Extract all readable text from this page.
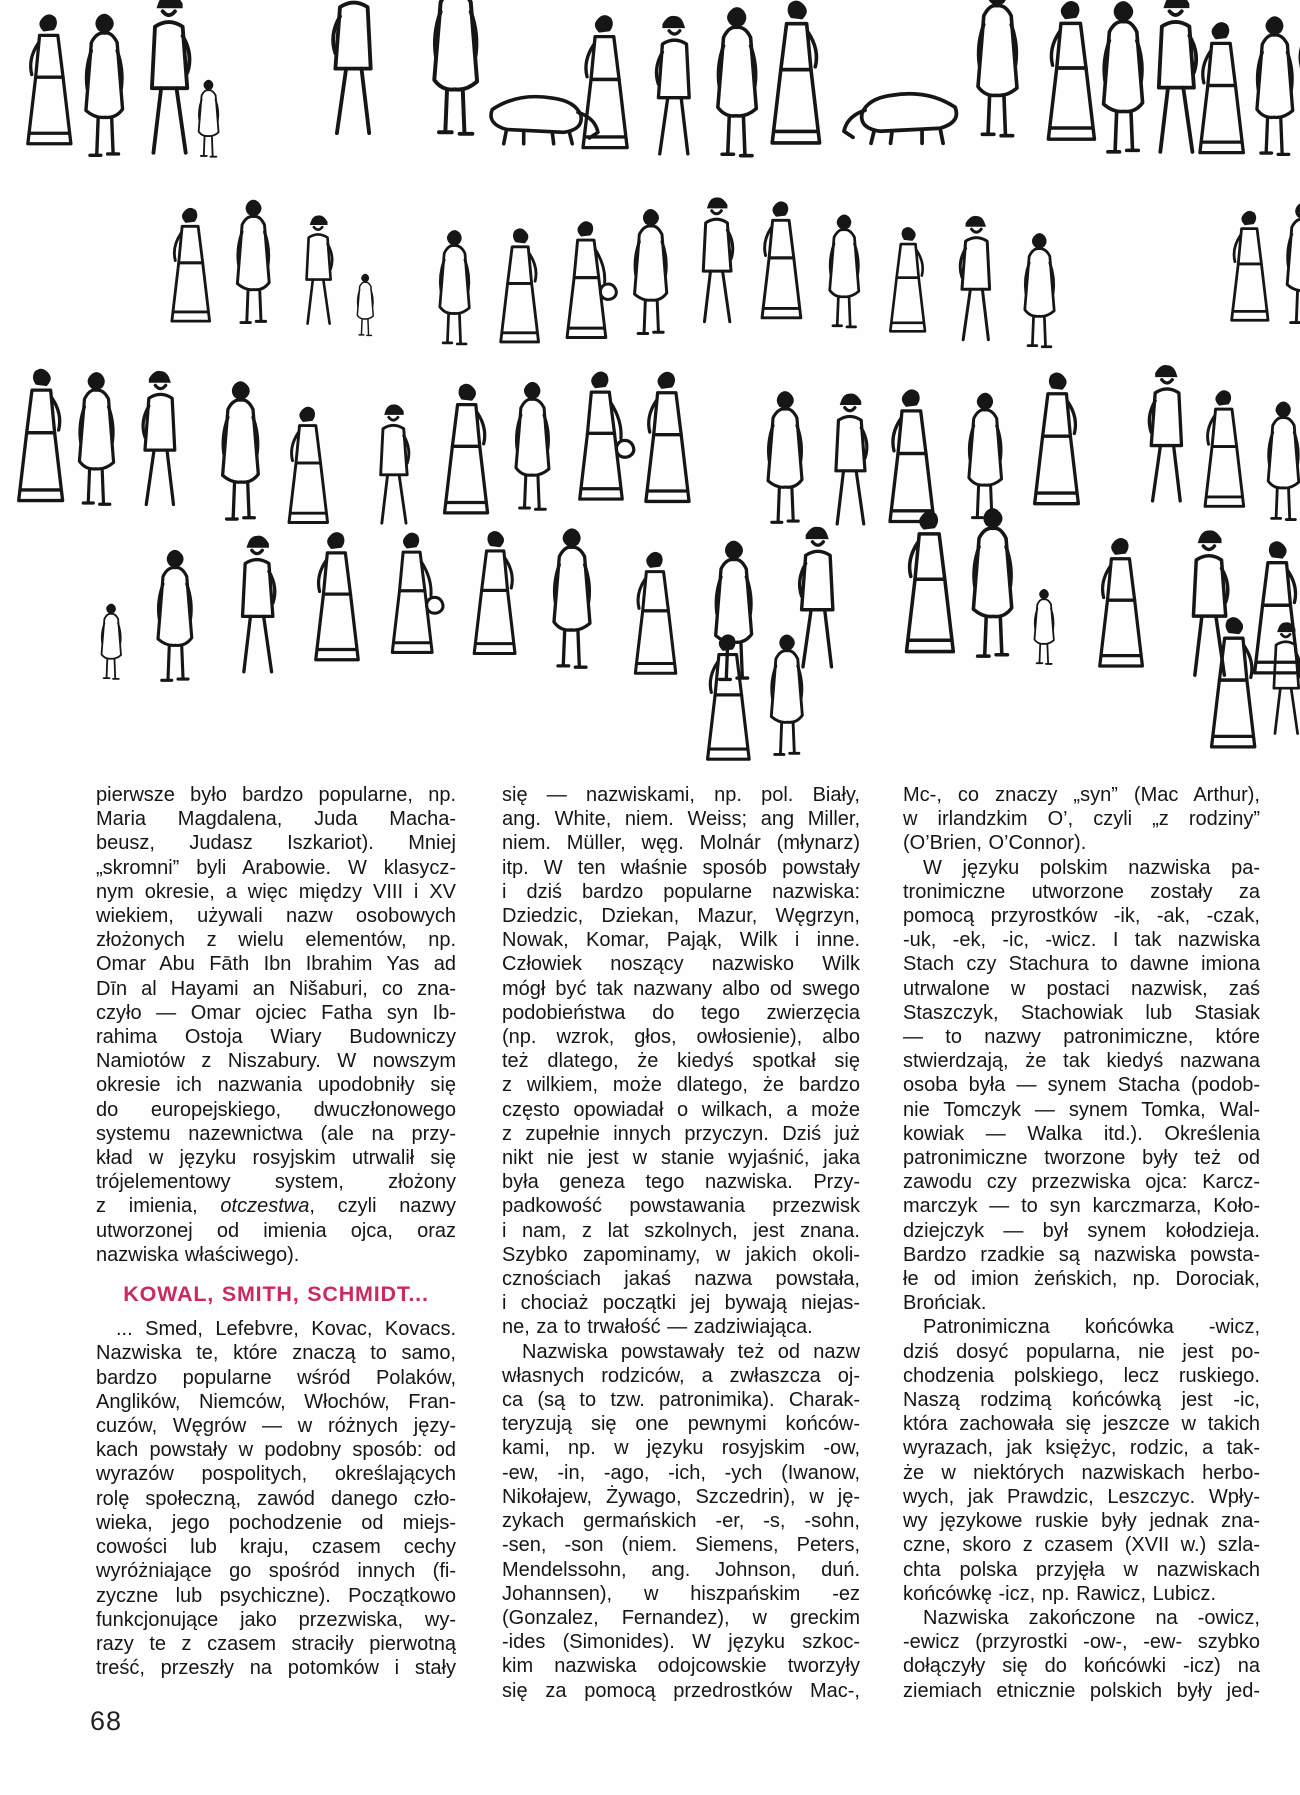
pierwsze było bardzo popularne, np.
Maria Magdalena, Juda Macha-
beusz, Judasz Iszkariot). Mniej
„skromni” byli Arabowie. W klasycz-
nym okresie, a więc między VIII i XV
wiekiem, używali nazw osobowych
złożonych z wielu elementów, np.
Omar Abu Fāth Ibn Ibrahim Yas ad
Dīn al Hayami an Nišaburi, co zna-
czyło — Omar ojciec Fatha syn Ib-
rahima Ostoja Wiary Budowniczy
Namiotów z Niszabury. W nowszym
okresie ich nazwania upodobniły się
do europejskiego, dwuczłonowego
systemu nazewnictwa (ale na przy-
kład w języku rosyjskim utrwalił się
trójelementowy system, złożony
z imienia, otczestwa, czyli nazwy
utworzonej od imienia ojca, oraz
nazwiska właściwego).
KOWAL, SMITH, SCHMIDT...
... Smed, Lefebvre, Kovac, Kovacs.
Nazwiska te, które znaczą to samo,
bardzo popularne wśród Polaków,
Anglików, Niemców, Włochów, Fran-
cuzów, Węgrów — w różnych języ-
kach powstały w podobny sposób: od
wyrazów pospolitych, określających
rolę społeczną, zawód danego czło-
wieka, jego pochodzenie od miejs-
cowości lub kraju, czasem cechy
wyróżniające go spośród innych (fi-
zyczne lub psychiczne). Początkowo
funkcjonujące jako przezwiska, wy-
razy te z czasem straciły pierwotną
treść, przeszły na potomków i stały
się — nazwiskami, np. pol. Biały,
ang. White, niem. Weiss; ang Miller,
niem. Müller, węg. Molnár (młynarz)
itp. W ten właśnie sposób powstały
i dziś bardzo popularne nazwiska:
Dziedzic, Dziekan, Mazur, Węgrzyn,
Nowak, Komar, Pająk, Wilk i inne.
Człowiek noszący nazwisko Wilk
mógł być tak nazwany albo od swego
podobieństwa do tego zwierzęcia
(np. wzrok, głos, owłosienie), albo
też dlatego, że kiedyś spotkał się
z wilkiem, może dlatego, że bardzo
często opowiadał o wilkach, a może
z zupełnie innych przyczyn. Dziś już
nikt nie jest w stanie wyjaśnić, jaka
była geneza tego nazwiska. Przy-
padkowość powstawania przezwisk
i nam, z lat szkolnych, jest znana.
Szybko zapominamy, w jakich okoli-
cznościach jakaś nazwa powstała,
i chociaż początki jej bywają niejas-
ne, za to trwałość — zadziwiająca.
Nazwiska powstawały też od nazw
własnych rodziców, a zwłaszcza oj-
ca (są to tzw. patronimika). Charak-
teryzują się one pewnymi końców-
kami, np. w języku rosyjskim -ow,
-ew, -in, -ago, -ich, -ych (Iwanow,
Nikołajew, Żywago, Szczedrin), w ję-
zykach germańskich -er, -s, -sohn,
-sen, -son (niem. Siemens, Peters,
Mendelssohn, ang. Johnson, duń.
Johannsen), w hiszpańskim -ez
(Gonzalez, Fernandez), w greckim
-ides (Simonides). W języku szkoc-
kim nazwiska odojcowskie tworzyły
się za pomocą przedrostków Mac-,
Mc-, co znaczy „syn” (Mac Arthur),
w irlandzkim O’, czyli „z rodziny”
(O’Brien, O’Connor).
W języku polskim nazwiska pa-
tronimiczne utworzone zostały za
pomocą przyrostków -ik, -ak, -czak,
-uk, -ek, -ic, -wicz. I tak nazwiska
Stach czy Stachura to dawne imiona
utrwalone w postaci nazwisk, zaś
Staszczyk, Stachowiak lub Stasiak
— to nazwy patronimiczne, które
stwierdzają, że tak kiedyś nazwana
osoba była — synem Stacha (podob-
nie Tomczyk — synem Tomka, Wal-
kowiak — Walka itd.). Określenia
patronimiczne tworzone były też od
zawodu czy przezwiska ojca: Karcz-
marczyk — to syn karczmarza, Koło-
dziejczyk — był synem kołodzieja.
Bardzo rzadkie są nazwiska powsta-
łe od imion żeńskich, np. Dorociak,
Brońciak.
Patronimiczna końcówka -wicz,
dziś dosyć popularna, nie jest po-
chodzenia polskiego, lecz ruskiego.
Naszą rodzimą końcówką jest -ic,
która zachowała się jeszcze w takich
wyrazach, jak księżyc, rodzic, a tak-
że w niektórych nazwiskach herbo-
wych, jak Prawdzic, Leszczyc. Wpły-
wy językowe ruskie były jednak zna-
czne, skoro z czasem (XVII w.) szla-
chta polska przyjęła w nazwiskach
końcówkę -icz, np. Rawicz, Lubicz.
Nazwiska zakończone na -owicz,
-ewicz (przyrostki -ow-, -ew- szybko
dołączyły się do końcówki -icz) na
ziemiach etnicznie polskich były jed-
68
